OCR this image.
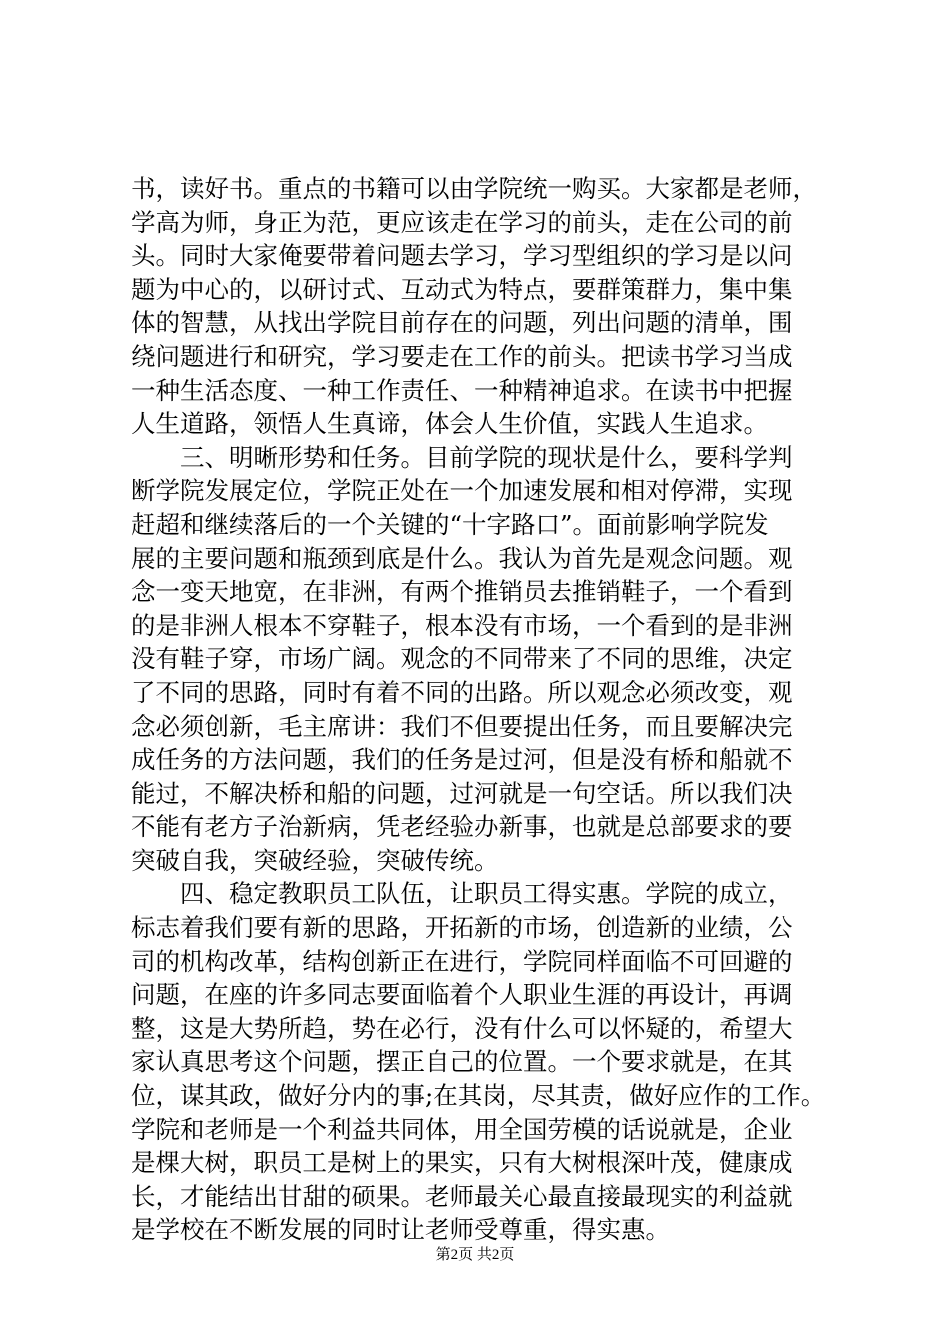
书，读好书。重点的书籍可以由学院统一购买。大家都是老师，
学高为师，身正为范，更应该走在学习的前头，走在公司的前
头。同时大家俺要带着问题去学习，学习型组织的学习是以问
题为中心的，以研讨式、互动式为特点，要群策群力，集中集
体的智慧，从找出学院目前存在的问题，列出问题的清单，围
绕问题进行和研究，学习要走在工作的前头。把读书学习当成
一种生活态度、一种工作责任、一种精神追求。在读书中把握
人生道路，领悟人生真谛，体会人生价值，实践人生追求。
　　三、明晰形势和任务。目前学院的现状是什么，要科学判
断学院发展定位，学院正处在一个加速发展和相对停滞，实现
赶超和继续落后的一个关键的“十字路口”。面前影响学院发
展的主要问题和瓶颈到底是什么。我认为首先是观念问题。观
念一变天地宽，在非洲，有两个推销员去推销鞋子，一个看到
的是非洲人根本不穿鞋子，根本没有市场，一个看到的是非洲
没有鞋子穿，市场广阔。观念的不同带来了不同的思维，决定
了不同的思路，同时有着不同的出路。所以观念必须改变，观
念必须创新，毛主席讲：我们不但要提出任务，而且要解决完
成任务的方法问题，我们的任务是过河，但是没有桥和船就不
能过，不解决桥和船的问题，过河就是一句空话。所以我们决
不能有老方子治新病，凭老经验办新事，也就是总部要求的要
突破自我，突破经验，突破传统。
　　四、稳定教职员工队伍，让职员工得实惠。学院的成立，
标志着我们要有新的思路，开拓新的市场，创造新的业绩，公
司的机构改革，结构创新正在进行，学院同样面临不可回避的
问题，在座的许多同志要面临着个人职业生涯的再设计，再调
整，这是大势所趋，势在必行，没有什么可以怀疑的，希望大
家认真思考这个问题，摆正自己的位置。一个要求就是，在其
位，谋其政，做好分内的事;在其岗，尽其责，做好应作的工作。
学院和老师是一个利益共同体，用全国劳模的话说就是，企业
是棵大树，职员工是树上的果实，只有大树根深叶茂，健康成
长，才能结出甘甜的硕果。老师最关心最直接最现实的利益就
是学校在不断发展的同时让老师受尊重，得实惠。
第2页 共2页
